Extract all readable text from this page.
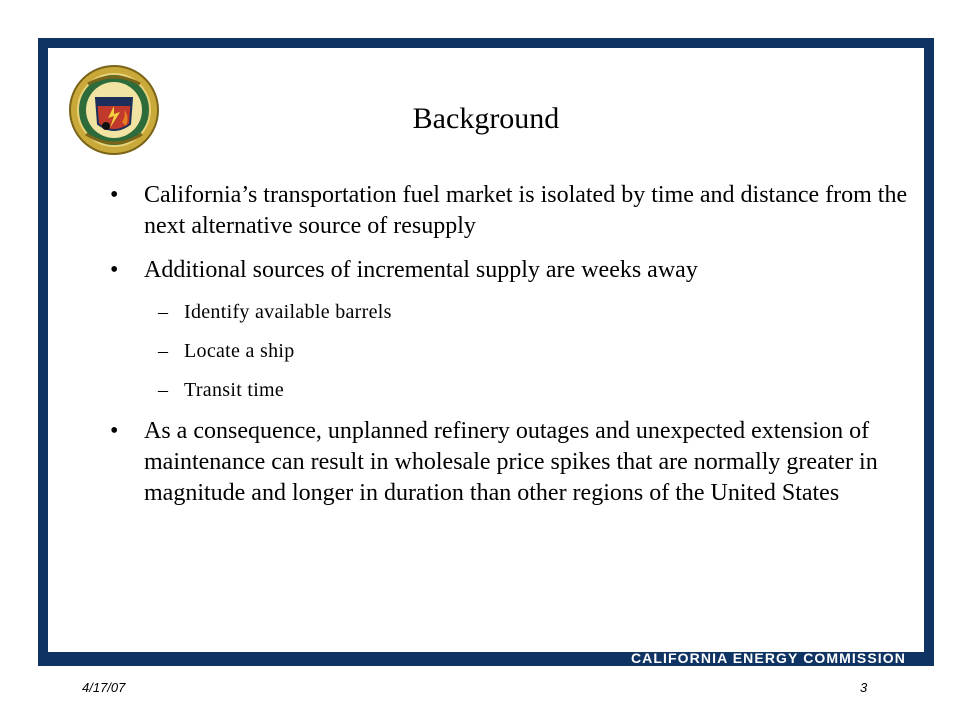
Background
• California’s transportation fuel market is isolated by time and distance from the next alternative source of resupply
• Additional sources of incremental supply are weeks away
– Identify available barrels
– Locate a ship
– Transit time
• As a consequence, unplanned refinery outages and unexpected extension of maintenance can result in wholesale price spikes that are normally greater in magnitude and longer in duration than other regions of the United States
CALIFORNIA ENERGY COMMISSION
4/17/07	3
